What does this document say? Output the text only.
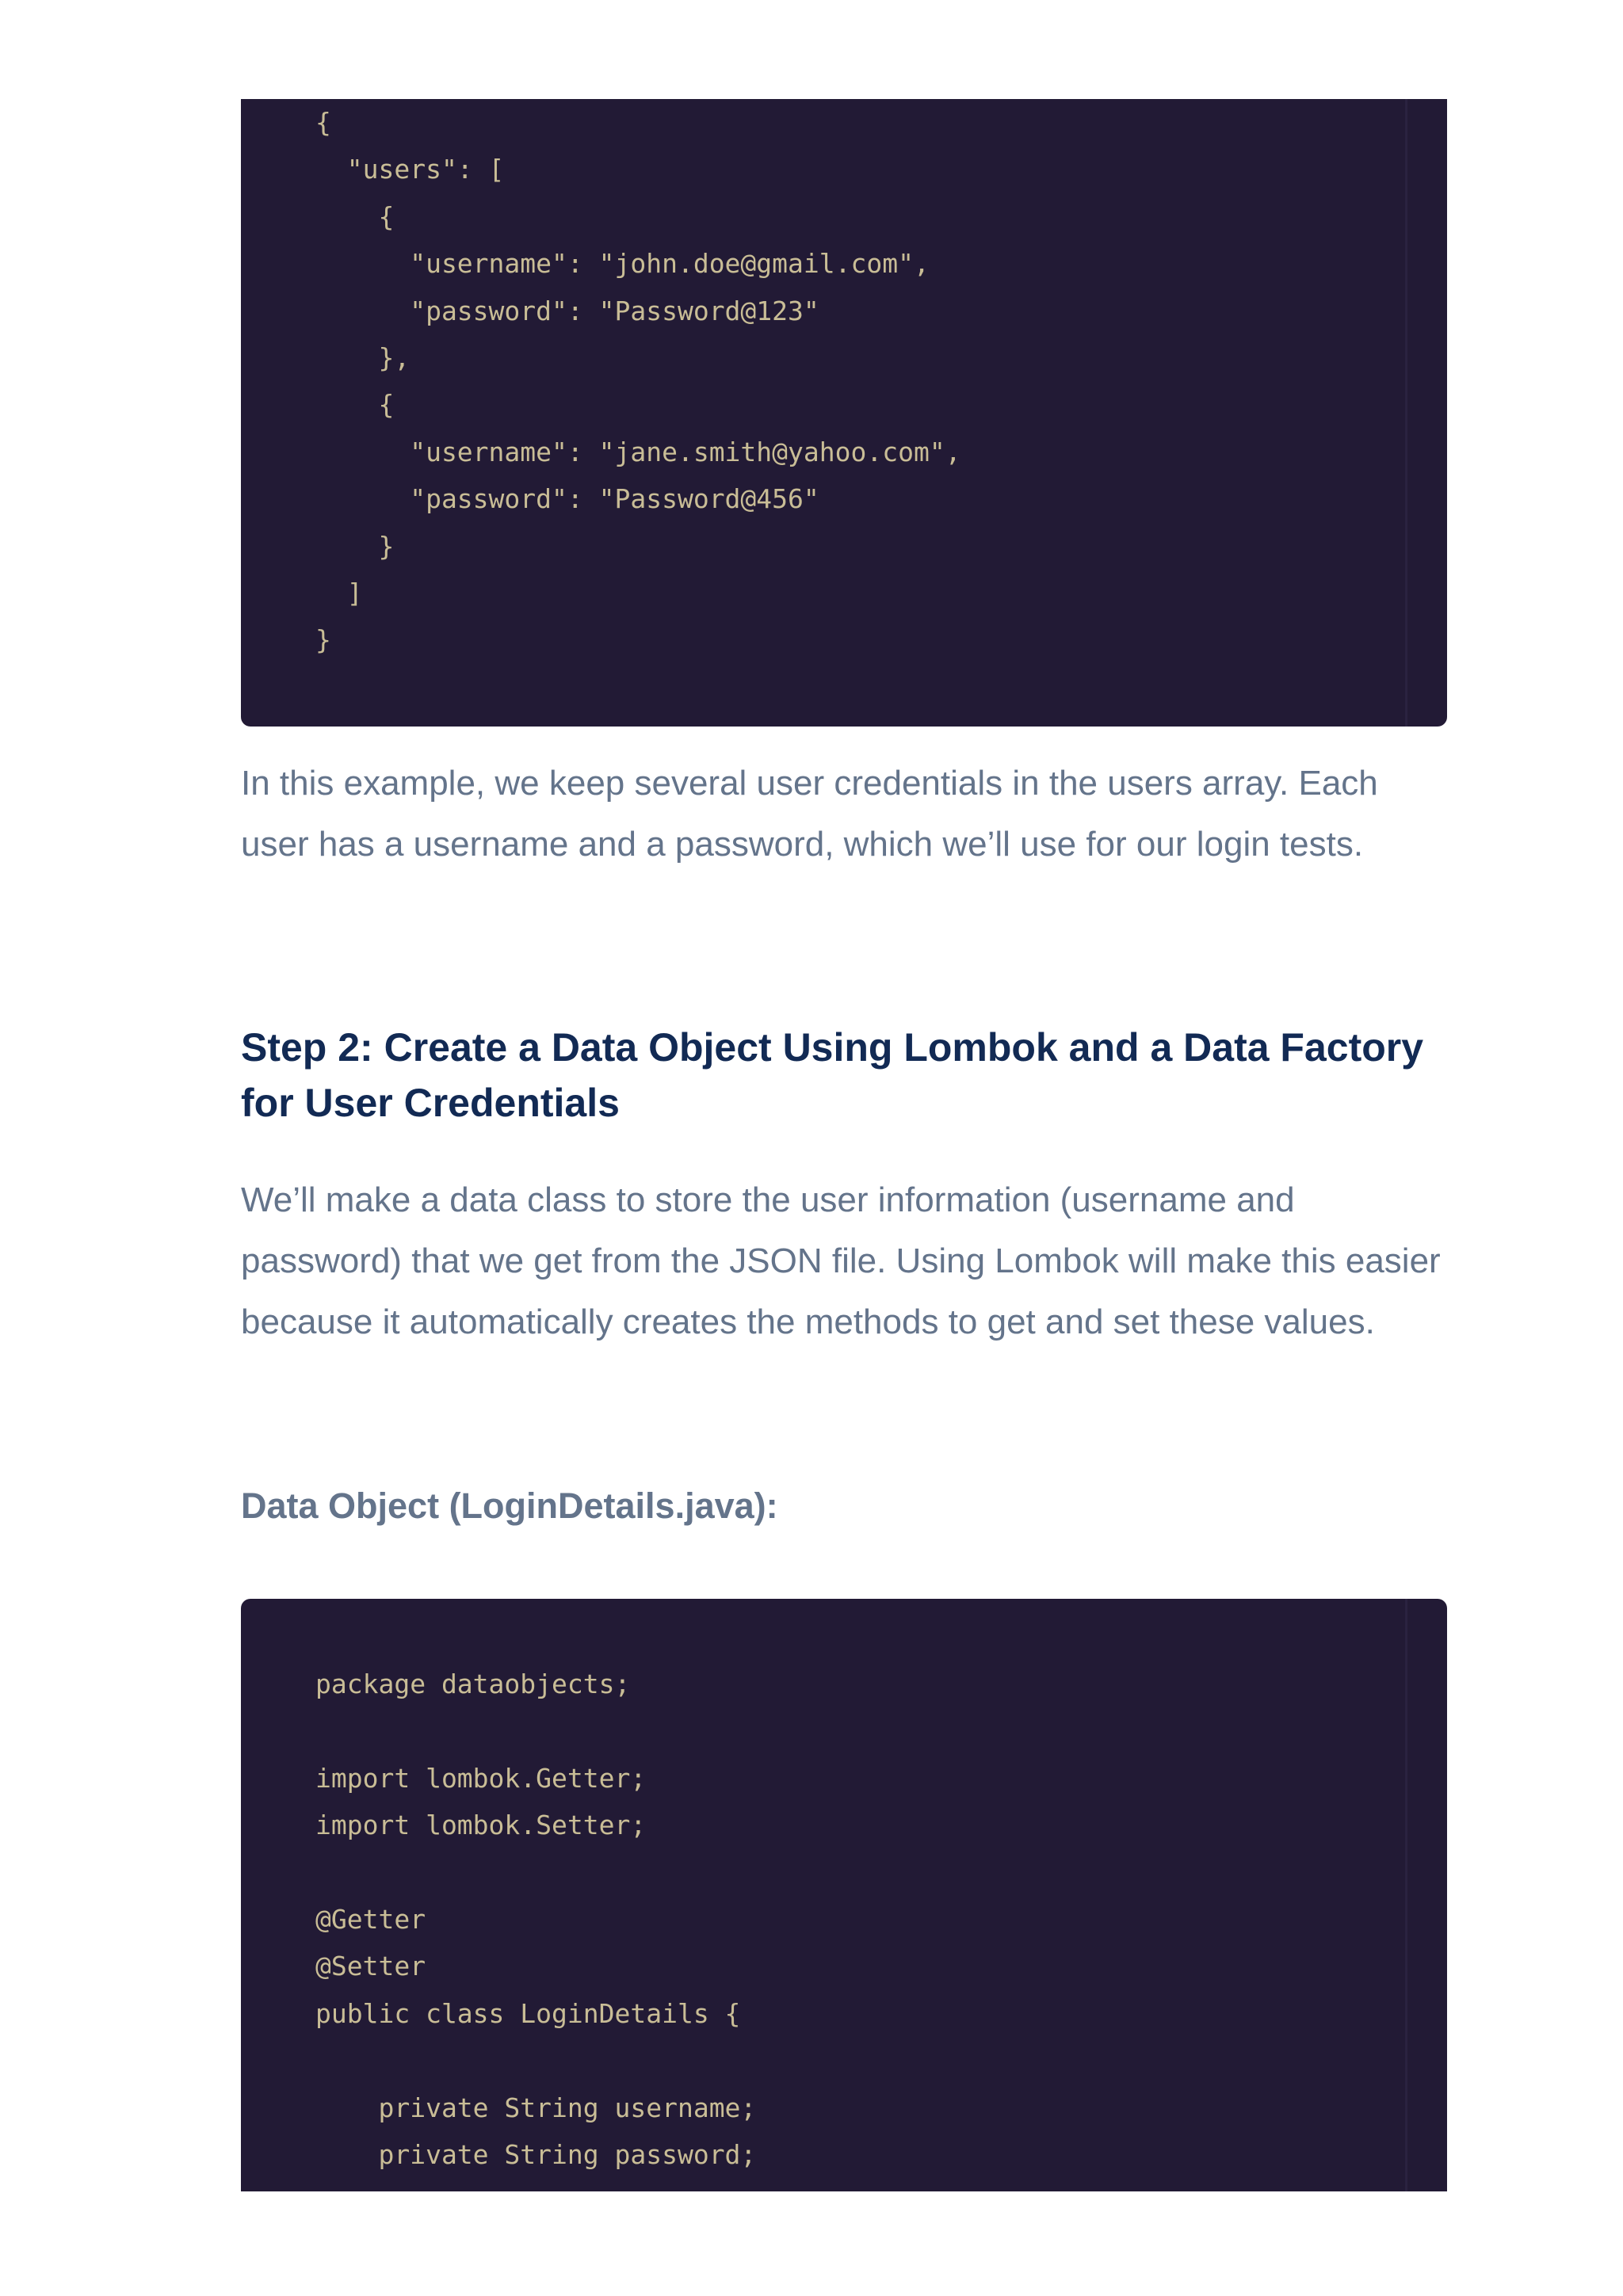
{
"users": [
{
"username": "john.doe@gmail.com",
"password": "Password@123"
},
{
"username": "jane.smith@yahoo.com",
"password": "Password@456"
}
]
}

In this example, we keep several user credentials in the users array. Each user has a username and a password, which we’ll use for our login tests.

Step 2: Create a Data Object Using Lombok and a Data Factory for User Credentials

We’ll make a data class to store the user information (username and password) that we get from the JSON file. Using Lombok will make this easier because it automatically creates the methods to get and set these values.

Data Object (LoginDetails.java):
package dataobjects;
import lombok.Getter;
import lombok.Setter;
@Getter
@Setter
public class LoginDetails {
private String username;
private String password;
